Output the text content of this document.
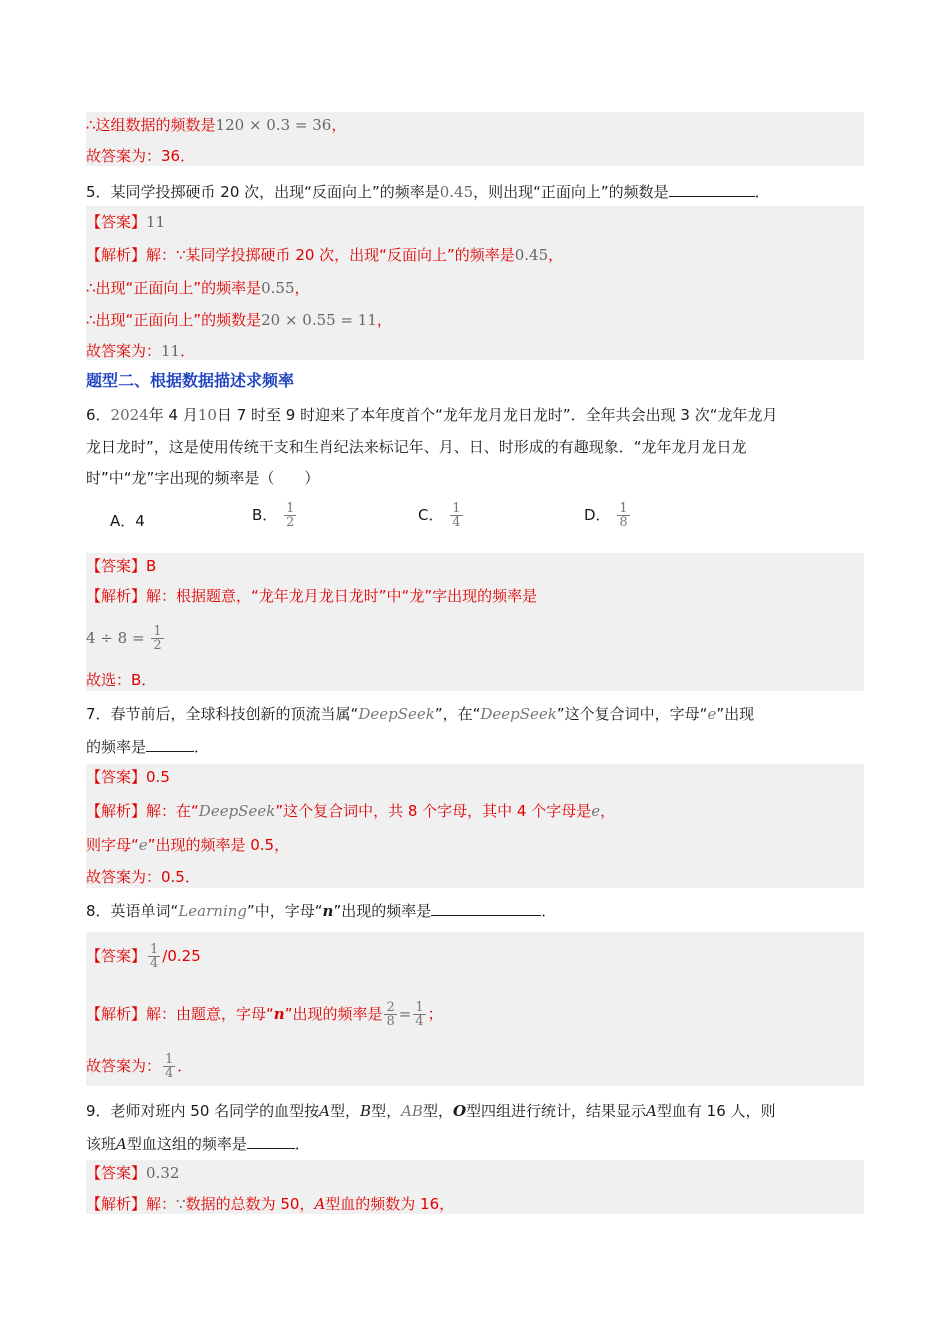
∴这组数据的频数是120 × 0.3 = 36，
故答案为：36．
5．某同学投掷硬币 20 次，出现“反面向上”的频率是0.45，则出现“正面向上”的频数是	．
【答案】11
【解析】解：∵某同学投掷硬币 20 次，出现“反面向上”的频率是0.45，
∴出现“正面向上”的频率是0.55，
∴出现“正面向上”的频数是20 × 0.55 = 11，
故答案为：11．
题型二、根据数据描述求频率
6．2024年 4 月10日 7 时至 9 时迎来了本年度首个“龙年龙月龙日龙时”．全年共会出现 3 次“龙年龙月
龙日龙时”，这是使用传统干支和生肖纪法来标记年、月、日、时形成的有趣现象．“龙年龙月龙日龙
时”中“龙”字出现的频率是（　　）
A．4	B． $\frac{1}{2}$	C． $\frac{1}{4}$	D． $\frac{1}{8}$
【答案】B
【解析】解：根据题意，“龙年龙月龙日龙时”中“龙”字出现的频率是
$4 \div 8 = \frac{1}{2}$
故选：B．
7．春节前后，全球科技创新的顶流当属“DeepSeek”，在“DeepSeek”这个复合词中，字母“e”出现
的频率是	．
【答案】0.5
【解析】解：在“DeepSeek”这个复合词中，共 8 个字母，其中 4 个字母是e，
则字母“e”出现的频率是 0.5，
故答案为：0.5．
8．英语单词“Learning”中，字母“n”出现的频率是	．
【答案】 $\frac{1}{4} /0.25$
【解析】解：由题意，字母“n”出现的频率是 $\frac{2}{8} = \frac{1}{4}$ ；
故答案为： $\frac{1}{4}$ ．
9．老师对班内 50 名同学的血型按A型，B型，AB型，O型四组进行统计，结果显示A型血有 16 人，则
该班A型血这组的频率是	．
【答案】0.32
【解析】解：∵数据的总数为 50，A型血的频数为 16，
